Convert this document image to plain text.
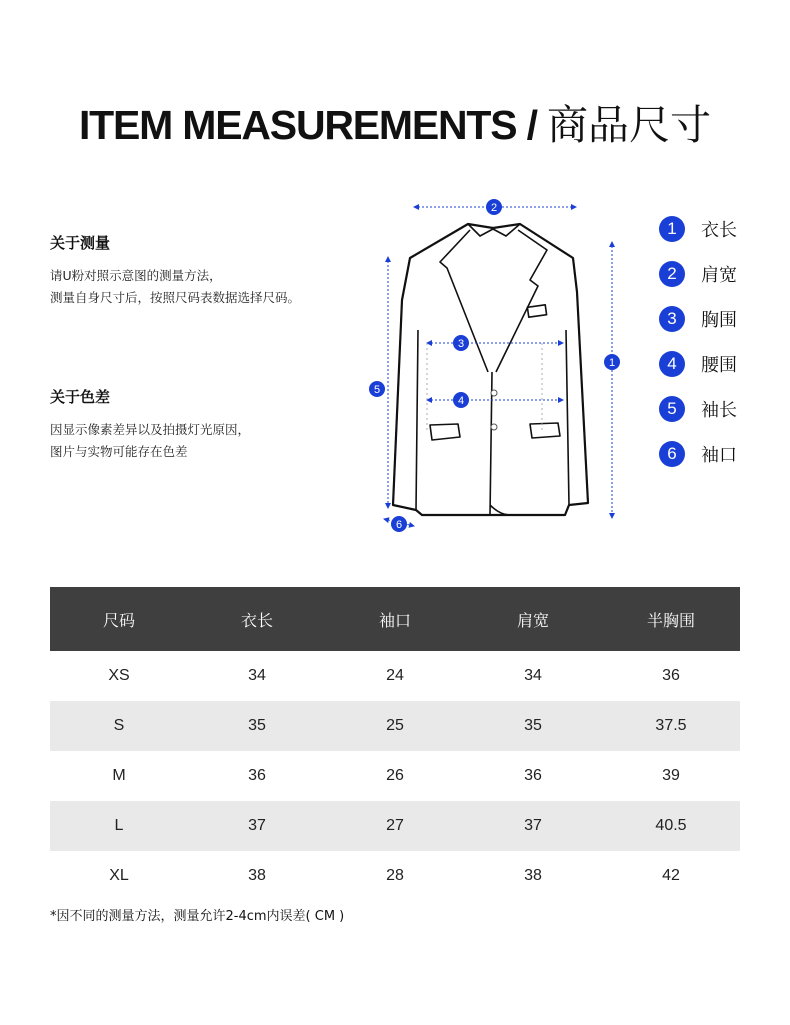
ITEM MEASUREMENTS / 商品尺寸
关于测量
请U粉对照示意图的测量方法，
测量自身尺寸后，按照尺码表数据选择尺码。
关于色差
因显示像素差异以及拍摄灯光原因，
图片与实物可能存在色差
2
1
3
4
5
6
1	衣长
2	肩宽
3	胸围
4	腰围
5	袖长
6	袖口
尺码	衣长	袖口	肩宽	半胸围
XS	34	24	34	36
S	35	25	35	37.5
M	36	26	36	39
L	37	27	37	40.5
XL	38	28	38	42
*因不同的测量方法，测量允许2-4cm内误差( CM )
